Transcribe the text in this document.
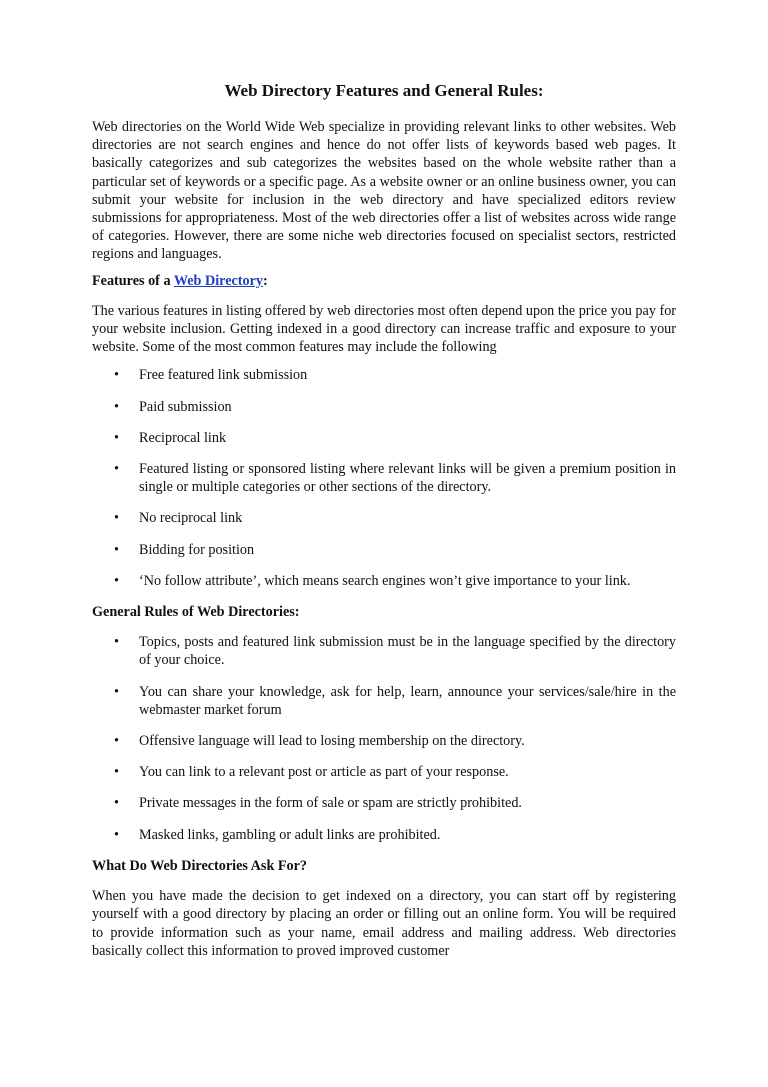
Web Directory Features and General Rules:
Web directories on the World Wide Web specialize in providing relevant links to other websites. Web directories are not search engines and hence do not offer lists of keywords based web pages. It basically categorizes and sub categorizes the websites based on the whole website rather than a particular set of keywords or a specific page. As a website owner or an online business owner, you can submit your website for inclusion in the web directory and have specialized editors review submissions for appropriateness. Most of the web directories offer a list of websites across wide range of categories. However, there are some niche web directories focused on specialist sectors, restricted regions and languages.
Features of a Web Directory:
The various features in listing offered by web directories most often depend upon the price you pay for your website inclusion. Getting indexed in a good directory can increase traffic and exposure to your website. Some of the most common features may include the following
• Free featured link submission
• Paid submission
• Reciprocal link
• Featured listing or sponsored listing where relevant links will be given a premium position in single or multiple categories or other sections of the directory.
• No reciprocal link
• Bidding for position
• ‘No follow attribute’, which means search engines won’t give importance to your link.
General Rules of Web Directories:
• Topics, posts and featured link submission must be in the language specified by the directory of your choice.
• You can share your knowledge, ask for help, learn, announce your services/sale/hire in the webmaster market forum
• Offensive language will lead to losing membership on the directory.
• You can link to a relevant post or article as part of your response.
• Private messages in the form of sale or spam are strictly prohibited.
• Masked links, gambling or adult links are prohibited.
What Do Web Directories Ask For?
When you have made the decision to get indexed on a directory, you can start off by registering yourself with a good directory by placing an order or filling out an online form. You will be required to provide information such as your name, email address and mailing address. Web directories basically collect this information to proved improved customer
